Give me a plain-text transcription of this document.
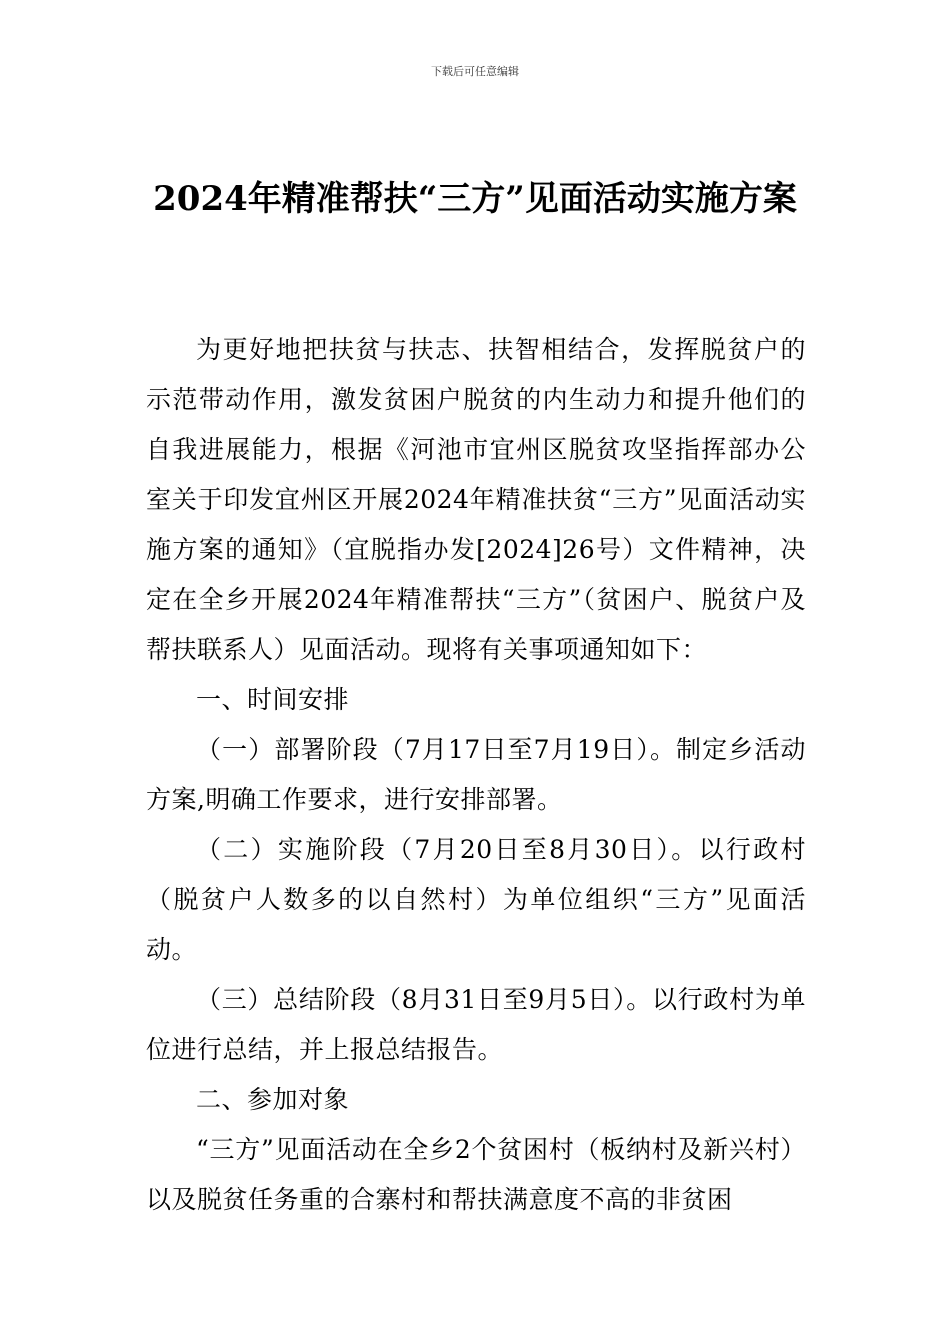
下载后可任意编辑
2024年精准帮扶“三方”见面活动实施方案

为更好地把扶贫与扶志、扶智相结合，发挥脱贫户的示范带动作用，激发贫困户脱贫的内生动力和提升他们的自我进展能力，根据《河池市宜州区脱贫攻坚指挥部办公室关于印发宜州区开展2024年精准扶贫“三方”见面活动实施方案的通知》（宜脱指办发[2024]26号）文件精神，决定在全乡开展2024年精准帮扶“三方”（贫困户、脱贫户及帮扶联系人）见面活动。现将有关事项通知如下：

一、时间安排

（一）部署阶段（7月17日至7月19日）。制定乡活动方案,明确工作要求，进行安排部署。

（二）实施阶段（7月20日至8月30日）。以行政村（脱贫户人数多的以自然村）为单位组织“三方”见面活动。

（三）总结阶段（8月31日至9月5日）。以行政村为单位进行总结，并上报总结报告。

二、参加对象

“三方”见面活动在全乡2个贫困村（板纳村及新兴村）以及脱贫任务重的合寨村和帮扶满意度不高的非贫困
